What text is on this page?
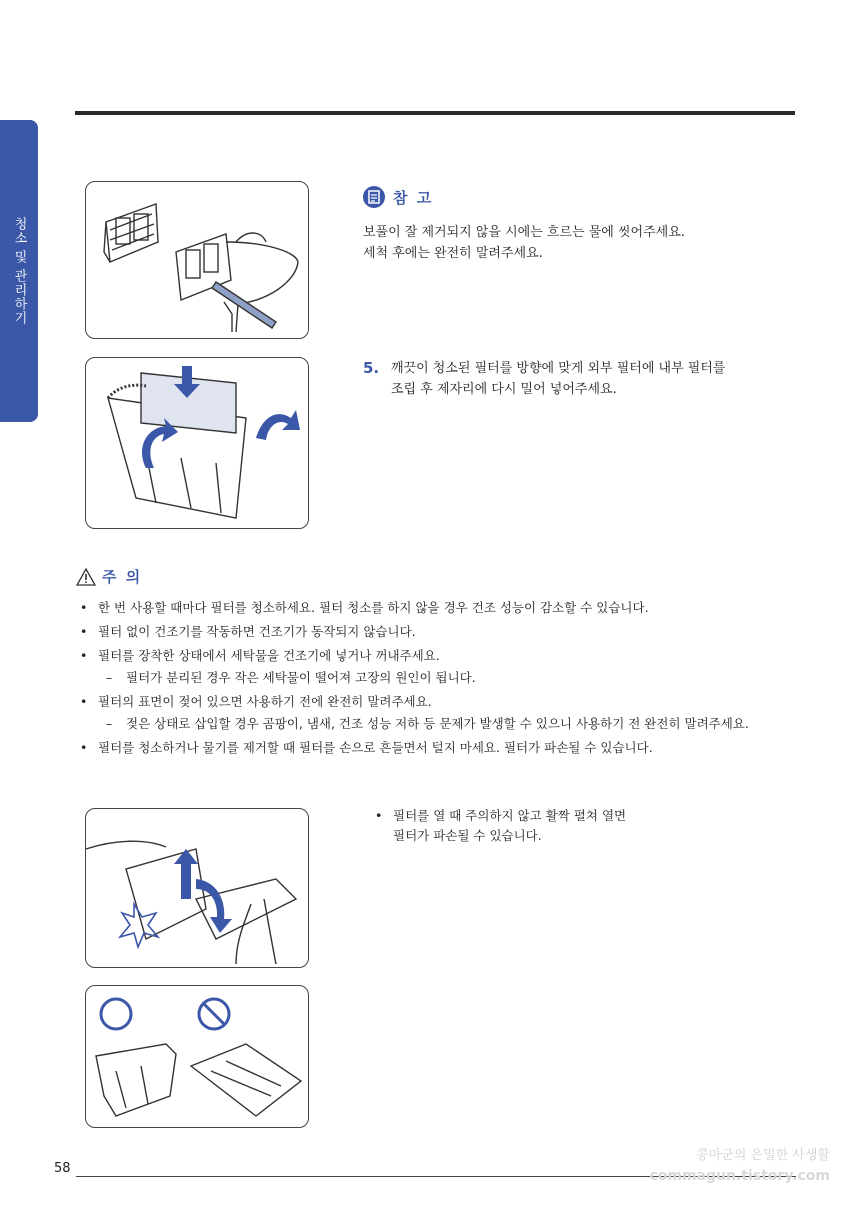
청소 및 관리하기
참 고
보풀이 잘 제거되지 않을 시에는 흐르는 물에 씻어주세요.
세척 후에는 완전히 말려주세요.
5. 깨끗이 청소된 필터를 방향에 맞게 외부 필터에 내부 필터를
조립 후 제자리에 다시 밀어 넣어주세요.
주 의
• 한 번 사용할 때마다 필터를 청소하세요. 필터 청소를 하지 않을 경우 건조 성능이 감소할 수 있습니다.
• 필터 없이 건조기를 작동하면 건조기가 동작되지 않습니다.
• 필터를 장착한 상태에서 세탁물을 건조기에 넣거나 꺼내주세요.
–	필터가 분리된 경우 작은 세탁물이 떨어져 고장의 원인이 됩니다.
• 필터의 표면이 젖어 있으면 사용하기 전에 완전히 말려주세요.
–	젖은 상태로 삽입할 경우 곰팡이, 냄새, 건조 성능 저하 등 문제가 발생할 수 있으니 사용하기 전 완전히 말려주세요.
• 필터를 청소하거나 물기를 제거할 때 필터를 손으로 흔들면서 털지 마세요. 필터가 파손될 수 있습니다.
• 필터를 열 때 주의하지 않고 활짝 펼쳐 열면
필터가 파손될 수 있습니다.
58
콩마군의 은밀한 사생활
commagun.tistory.com
